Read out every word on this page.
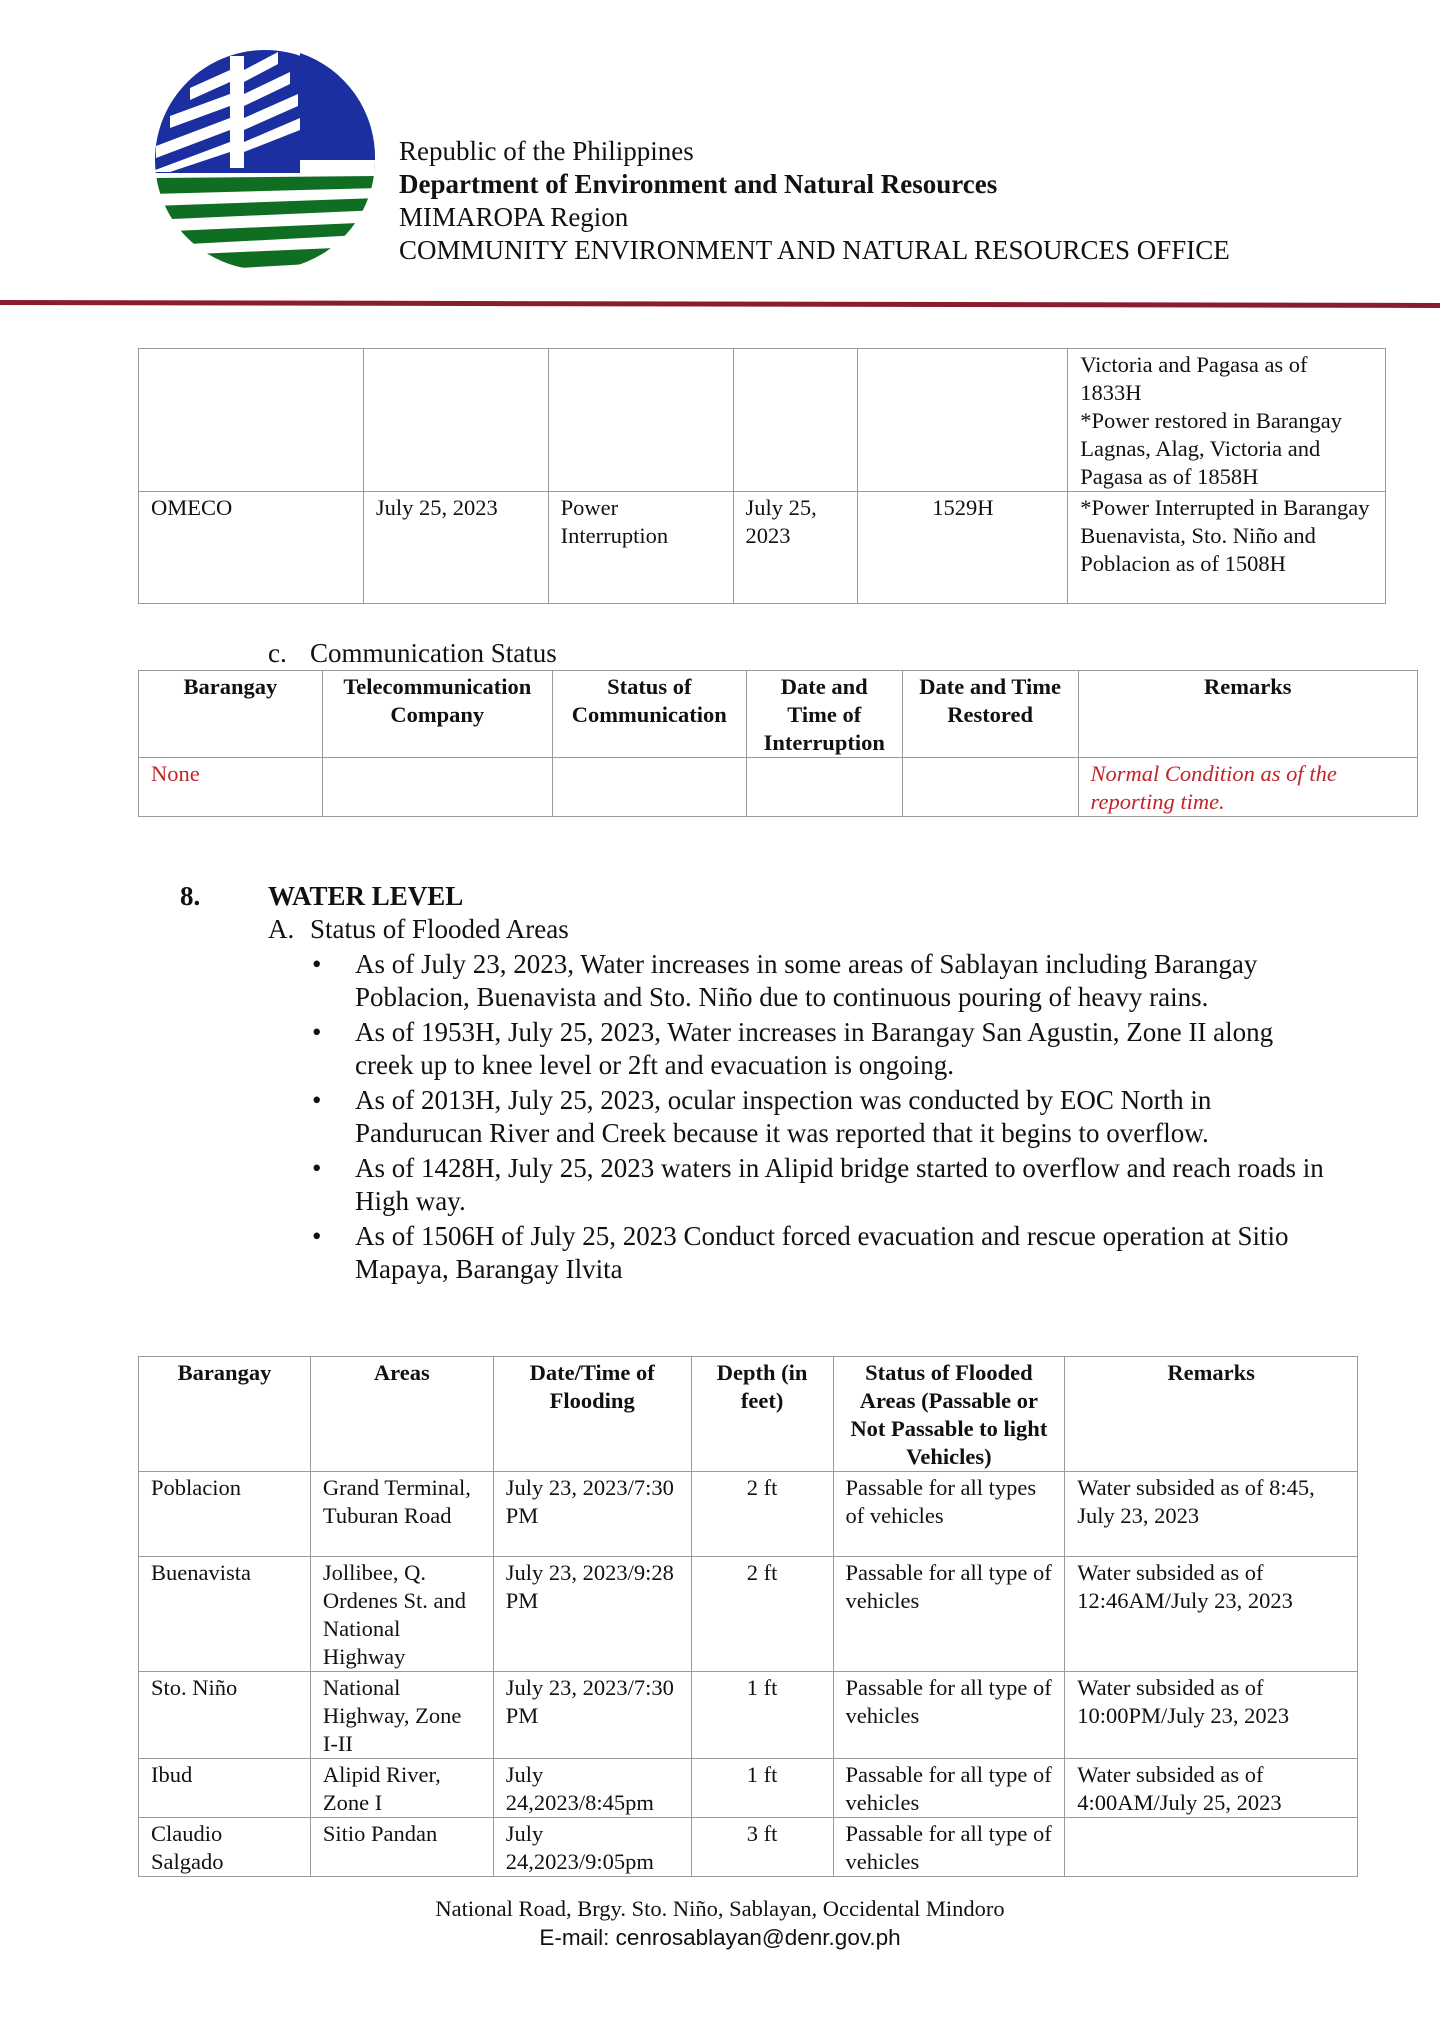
Republic of the Philippines
Department of Environment and Natural Resources
MIMAROPA Region
COMMUNITY ENVIRONMENT AND NATURAL RESOURCES OFFICE
					Victoria and Pagasa as of 1833H
*Power restored in Barangay Lagnas, Alag, Victoria and Pagasa as of 1858H
OMECO	July 25, 2023	Power Interruption	July 25, 2023	1529H	*Power Interrupted in Barangay Buenavista, Sto. Niño and Poblacion as of 1508H
c. Communication Status
Barangay	Telecommunication Company	Status of Communication	Date and Time of Interruption	Date and Time Restored	Remarks
None					Normal Condition as of the reporting time.
8.	WATER LEVEL
A. Status of Flooded Areas
• As of July 23, 2023, Water increases in some areas of Sablayan including Barangay Poblacion, Buenavista and Sto. Niño due to continuous pouring of heavy rains.
• As of 1953H, July 25, 2023, Water increases in Barangay San Agustin, Zone II along creek up to knee level or 2ft and evacuation is ongoing.
• As of 2013H, July 25, 2023, ocular inspection was conducted by EOC North in Pandurucan River and Creek because it was reported that it begins to overflow.
• As of 1428H, July 25, 2023 waters in Alipid bridge started to overflow and reach roads in High way.
• As of 1506H of July 25, 2023 Conduct forced evacuation and rescue operation at Sitio Mapaya, Barangay Ilvita
Barangay	Areas	Date/Time of Flooding	Depth (in feet)	Status of Flooded Areas (Passable or Not Passable to light Vehicles)	Remarks
Poblacion	Grand Terminal, Tuburan Road	July 23, 2023/7:30 PM	2 ft	Passable for all types of vehicles	Water subsided as of 8:45, July 23, 2023
Buenavista	Jollibee, Q. Ordenes St. and National Highway	July 23, 2023/9:28 PM	2 ft	Passable for all type of vehicles	Water subsided as of 12:46AM/July 23, 2023
Sto. Niño	National Highway, Zone I-II	July 23, 2023/7:30 PM	1 ft	Passable for all type of vehicles	Water subsided as of 10:00PM/July 23, 2023
Ibud	Alipid River, Zone I	July 24,2023/8:45pm	1 ft	Passable for all type of vehicles	Water subsided as of 4:00AM/July 25, 2023
Claudio Salgado	Sitio Pandan	July 24,2023/9:05pm	3 ft	Passable for all type of vehicles	
National Road, Brgy. Sto. Niño, Sablayan, Occidental Mindoro
E-mail: cenrosablayan@denr.gov.ph
